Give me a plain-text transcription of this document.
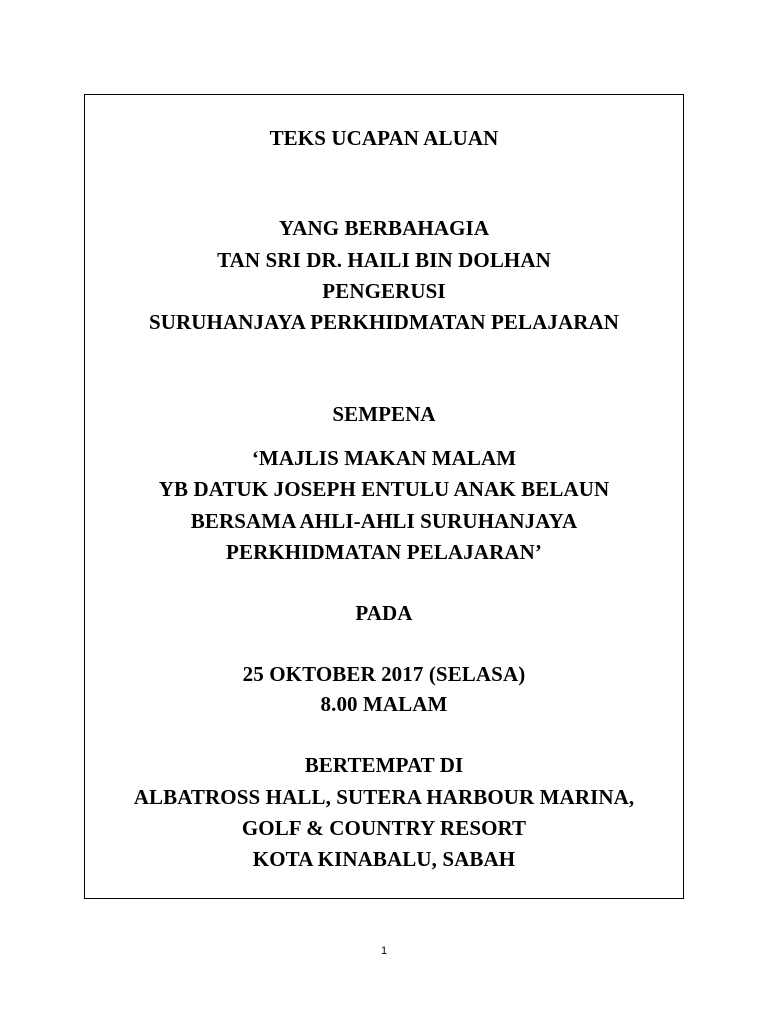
TEKS UCAPAN ALUAN
YANG BERBAHAGIA
TAN SRI DR. HAILI BIN DOLHAN
PENGERUSI
SURUHANJAYA PERKHIDMATAN PELAJARAN
SEMPENA
‘MAJLIS MAKAN MALAM
YB DATUK JOSEPH ENTULU ANAK BELAUN
BERSAMA AHLI-AHLI SURUHANJAYA
PERKHIDMATAN PELAJARAN’
PADA
25 OKTOBER 2017 (SELASA)
8.00 MALAM
BERTEMPAT DI
ALBATROSS HALL, SUTERA HARBOUR MARINA,
GOLF & COUNTRY RESORT
KOTA KINABALU, SABAH
1
